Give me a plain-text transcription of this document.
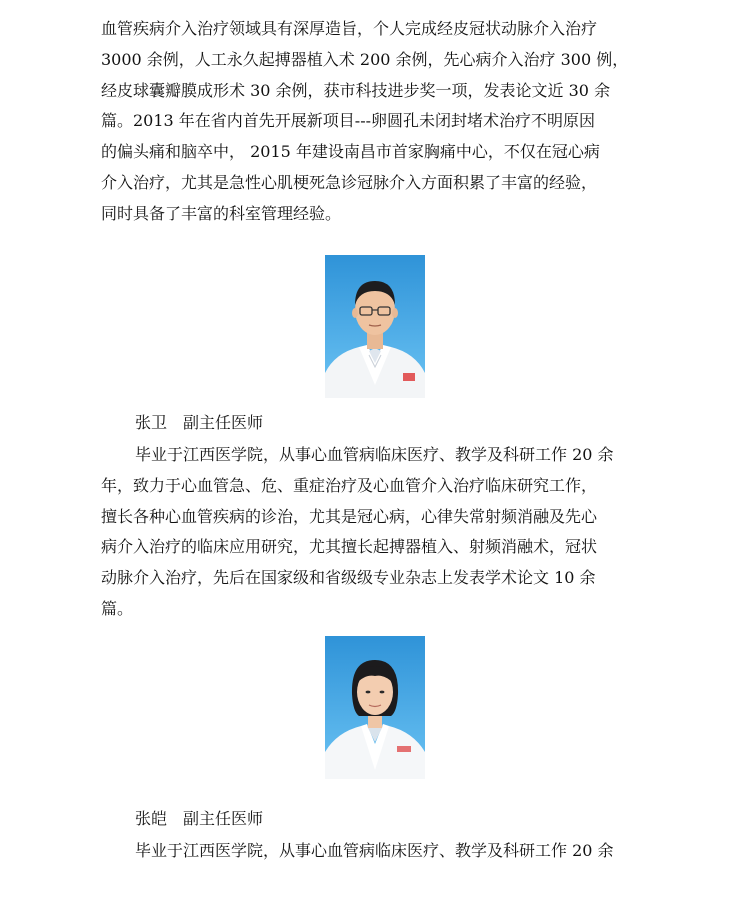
血管疾病介入治疗领域具有深厚造旨，个人完成经皮冠状动脉介入治疗
3000 余例，人工永久起搏器植入术 200 余例，先心病介入治疗 300 例，
经皮球囊瓣膜成形术 30 余例，获市科技进步奖一项，发表论文近 30 余
篇。2013 年在省内首先开展新项目---卵圆孔未闭封堵术治疗不明原因
的偏头痛和脑卒中， 2015 年建设南昌市首家胸痛中心，不仅在冠心病
介入治疗，尤其是急性心肌梗死急诊冠脉介入方面积累了丰富的经验，
同时具备了丰富的科室管理经验。

张卫　 副主任医师

毕业于江西医学院，从事心血管病临床医疗、教学及科研工作 20 余
年，致力于心血管急、危、重症治疗及心血管介入治疗临床研究工作，
擅长各种心血管疾病的诊治，尤其是冠心病，心律失常射频消融及先心
病介入治疗的临床应用研究，尤其擅长起搏器植入、射频消融术，冠状
动脉介入治疗，先后在国家级和省级级专业杂志上发表学术论文 10 余
篇。

张皑　 副主任医师

毕业于江西医学院，从事心血管病临床医疗、教学及科研工作 20 余
